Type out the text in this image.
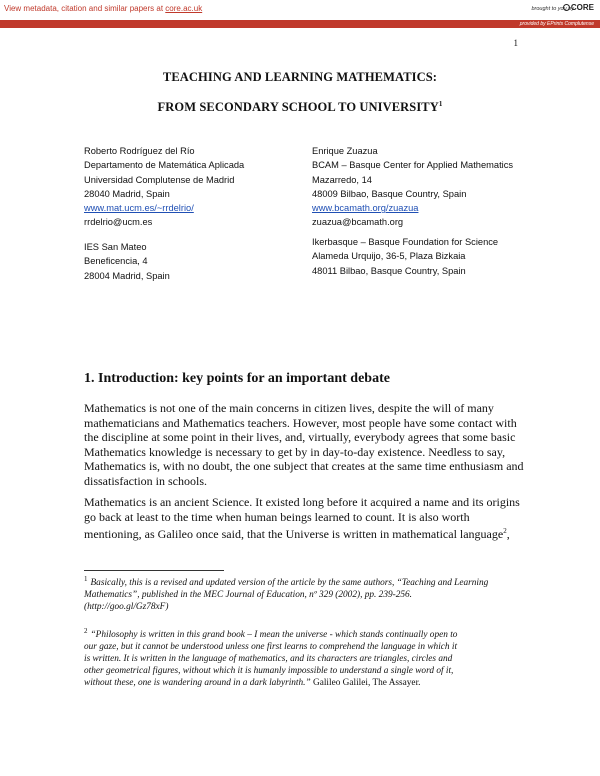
View metadata, citation and similar papers at core.ac.uk	brought to you by
CORE
provided by EPrints Complutense
1
TEACHING AND LEARNING MATHEMATICS:
FROM SECONDARY SCHOOL TO UNIVERSITY$^1$
Roberto Rodríguez del Río
Departamento de Matemática Aplicada
Universidad Complutense de Madrid
28040 Madrid, Spain
www.mat.ucm.es/~rrdelrio/
rrdelrio@ucm.es
IES San Mateo
Beneficencia, 4
28004 Madrid, Spain
Enrique Zuazua
BCAM – Basque Center for Applied Mathematics
Mazarredo, 14
48009 Bilbao, Basque Country, Spain
www.bcamath.org/zuazua
zuazua@bcamath.org
Ikerbasque – Basque Foundation for Science
Alameda Urquijo, 36-5, Plaza Bizkaia
48011 Bilbao, Basque Country, Spain
1. Introduction: key points for an important debate
Mathematics is not one of the main concerns in citizen lives, despite the will of many
mathematicians and Mathematics teachers. However, most people have some contact with
the discipline at some point in their lives, and, virtually, everybody agrees that some basic
Mathematics knowledge is necessary to get by in day-to-day existence. Needless to say,
Mathematics is, with no doubt, the one subject that creates at the same time enthusiasm and
dissatisfaction in schools.
Mathematics is an ancient Science. It existed long before it acquired a name and its origins
go back at least to the time when human beings learned to count. It is also worth
mentioning, as Galileo once said, that the Universe is written in mathematical language$^2$,
$^1$ Basically, this is a revised and updated version of the article by the same authors, “Teaching and Learning
Mathematics”, published in the MEC Journal of Education, nº 329 (2002), pp. 239-256.
(http://goo.gl/Gz78xF)
$^2$ “Philosophy is written in this grand book – I mean the universe - which stands continually open to
our gaze, but it cannot be understood unless one first learns to comprehend the language in which it
is written. It is written in the language of mathematics, and its characters are triangles, circles and
other geometrical figures, without which it is humanly impossible to understand a single word of it,
without these, one is wandering around in a dark labyrinth.” Galileo Galilei, The Assayer.
